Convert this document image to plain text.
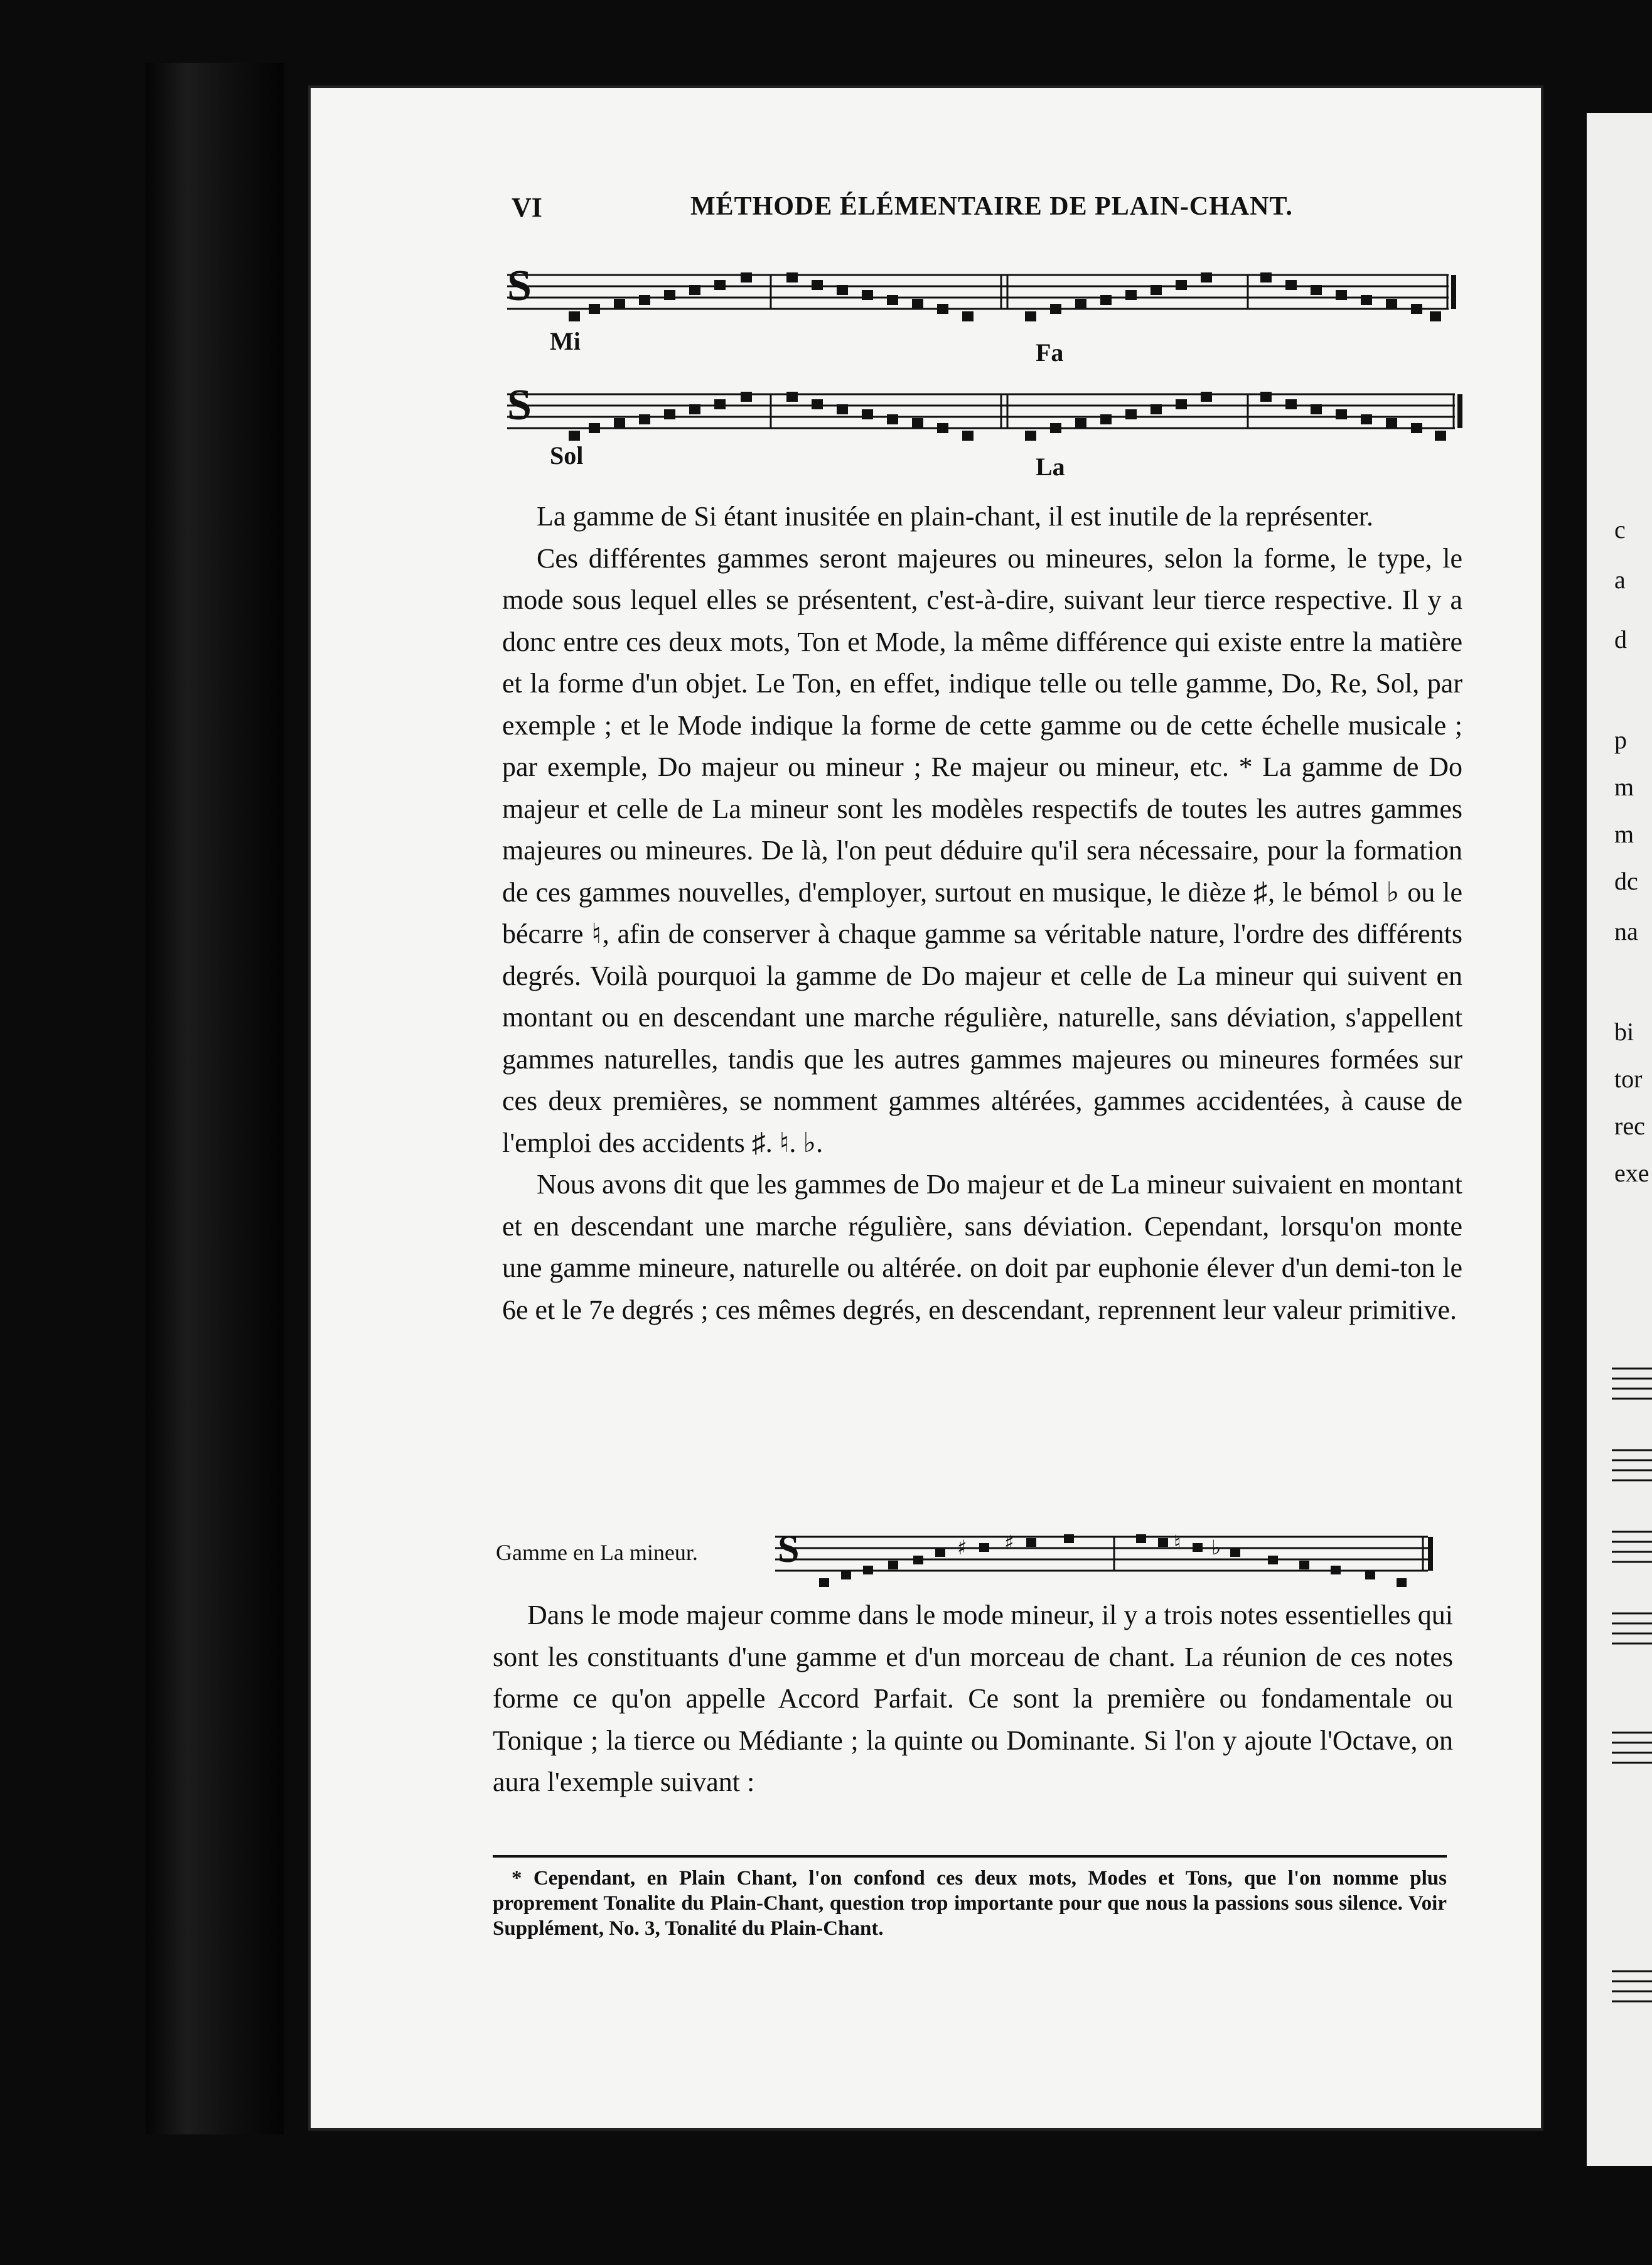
c
a
d
p
m
m
dc
na
bi
tor
rec
exe
VI	MÉTHODE ÉLÉMENTAIRE DE PLAIN-CHANT.
S
Mi	Fa
S
Sol	La

La gamme de Si étant inusitée en plain-chant, il est inutile de la représenter.

Ces différentes gammes seront majeures ou mineures, selon la forme, le type, le mode sous lequel elles se présentent, c'est-à-dire, suivant leur tierce respective. Il y a donc entre ces deux mots, Ton et Mode, la même différence qui existe entre la matière et la forme d'un objet. Le Ton, en effet, indique telle ou telle gamme, Do, Re, Sol, par exemple ; et le Mode indique la forme de cette gamme ou de cette échelle musicale ; par exemple, Do majeur ou mineur ; Re majeur ou mineur, etc. * La gamme de Do majeur et celle de La mineur sont les modèles respectifs de toutes les autres gammes majeures ou mineures. De là, l'on peut déduire qu'il sera nécessaire, pour la formation de ces gammes nouvelles, d'employer, surtout en musique, le dièze ♯, le bémol ♭ ou le bécarre ♮, afin de conserver à chaque gamme sa véritable nature, l'ordre des différents degrés. Voilà pourquoi la gamme de Do majeur et celle de La mineur qui suivent en montant ou en descendant une marche régulière, naturelle, sans déviation, s'appellent gammes naturelles, tandis que les autres gammes majeures ou mineures formées sur ces deux premières, se nomment gammes altérées, gammes accidentées, à cause de l'emploi des accidents ♯. ♮. ♭.

Nous avons dit que les gammes de Do majeur et de La mineur suivaient en montant et en descendant une marche régulière, sans déviation. Cependant, lorsqu'on monte une gamme mineure, naturelle ou altérée. on doit par euphonie élever d'un demi-ton le 6e et le 7e degrés ; ces mêmes degrés, en descendant, reprennent leur valeur primitive.

Gamme en La mineur. S	♯ ♯	♮ ♭

Dans le mode majeur comme dans le mode mineur, il y a trois notes essentielles qui sont les constituants d'une gamme et d'un morceau de chant. La réunion de ces notes forme ce qu'on appelle Accord Parfait. Ce sont la première ou fondamentale ou Tonique ; la tierce ou Médiante ; la quinte ou Dominante. Si l'on y ajoute l'Octave, on aura l'exemple suivant :

* Cependant, en Plain Chant, l'on confond ces deux mots, Modes et Tons, que l'on nomme plus proprement Tonalite du Plain-Chant, question trop importante pour que nous la passions sous silence. Voir Supplément, No. 3, Tonalité du Plain-Chant.
